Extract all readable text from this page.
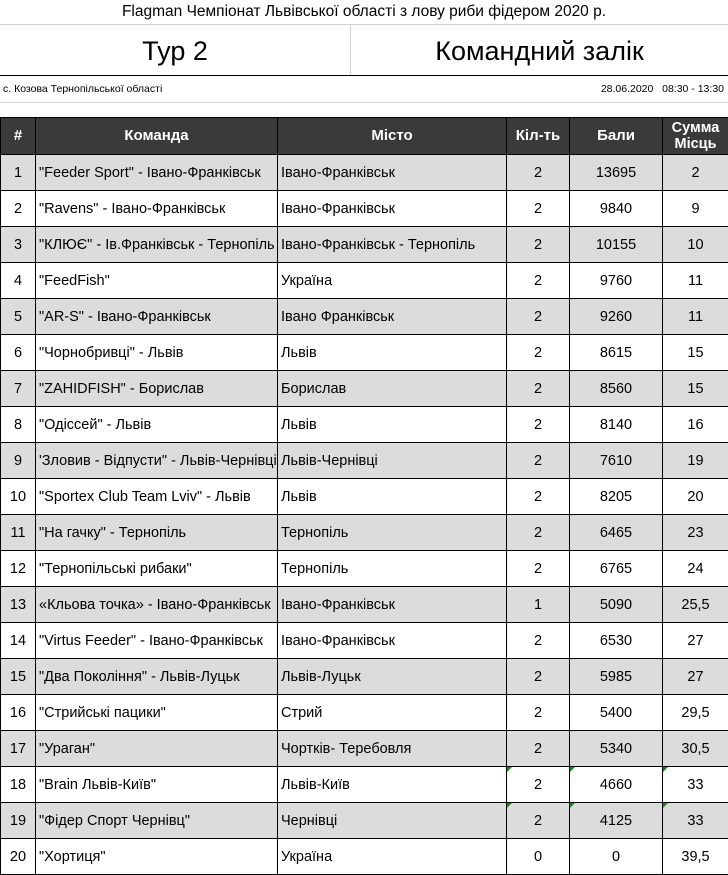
Flagman Чемпіонат Львівської області з лову риби фідером 2020 р.
Тур 2	Командний залік
с. Козова Тернопільської області	28.06.2020   08:30 - 13:30
#	Команда	Місто	Кіл-ть	Бали	Сумма
Місць
1	"Feeder Sport" - Івано-Франківськ	Івано-Франківськ	2	13695	2
2	"Ravens" - Івано-Франківськ	Івано-Франківськ	2	9840	9
3	"КЛЮЄ" - Ів.Франківськ - Тернопіль	Івано-Франківськ - Тернопіль	2	10155	10
4	"FeedFish"	Україна	2	9760	11
5	"AR-S" - Івано-Франківськ	Івано Франківськ	2	9260	11
6	"Чорнобривці" - Львів	Львів	2	8615	15
7	"ZAHIDFISH" - Борислав	Борислав	2	8560	15
8	"Одіссей" - Львів	Львів	2	8140	16
9	'Зловив - Відпусти" - Львів-Чернівці	Львів-Чернівці	2	7610	19
10	"Sportex Club Team Lviv" - Львів	Львів	2	8205	20
11	"На гачку" - Тернопіль	Тернопіль	2	6465	23
12	"Тернопільські рибаки"	Тернопіль	2	6765	24
13	«Кльова точка» - Івано-Франківськ	Івано-Франківськ	1	5090	25,5
14	"Virtus Feeder" - Івано-Франківськ	Івано-Франківськ	2	6530	27
15	"Два Покоління" - Львів-Луцьк	Львів-Луцьк	2	5985	27
16	"Стрийські пацики"	Стрий	2	5400	29,5
17	"Ураган"	Чортків- Теребовля	2	5340	30,5
18	"Brain Львів-Київ"	Львів-Київ	2	4660	33
19	"Фідер Спорт Чернівц"	Чернівці	2	4125	33
20	"Хортиця"	Україна	0	0	39,5
